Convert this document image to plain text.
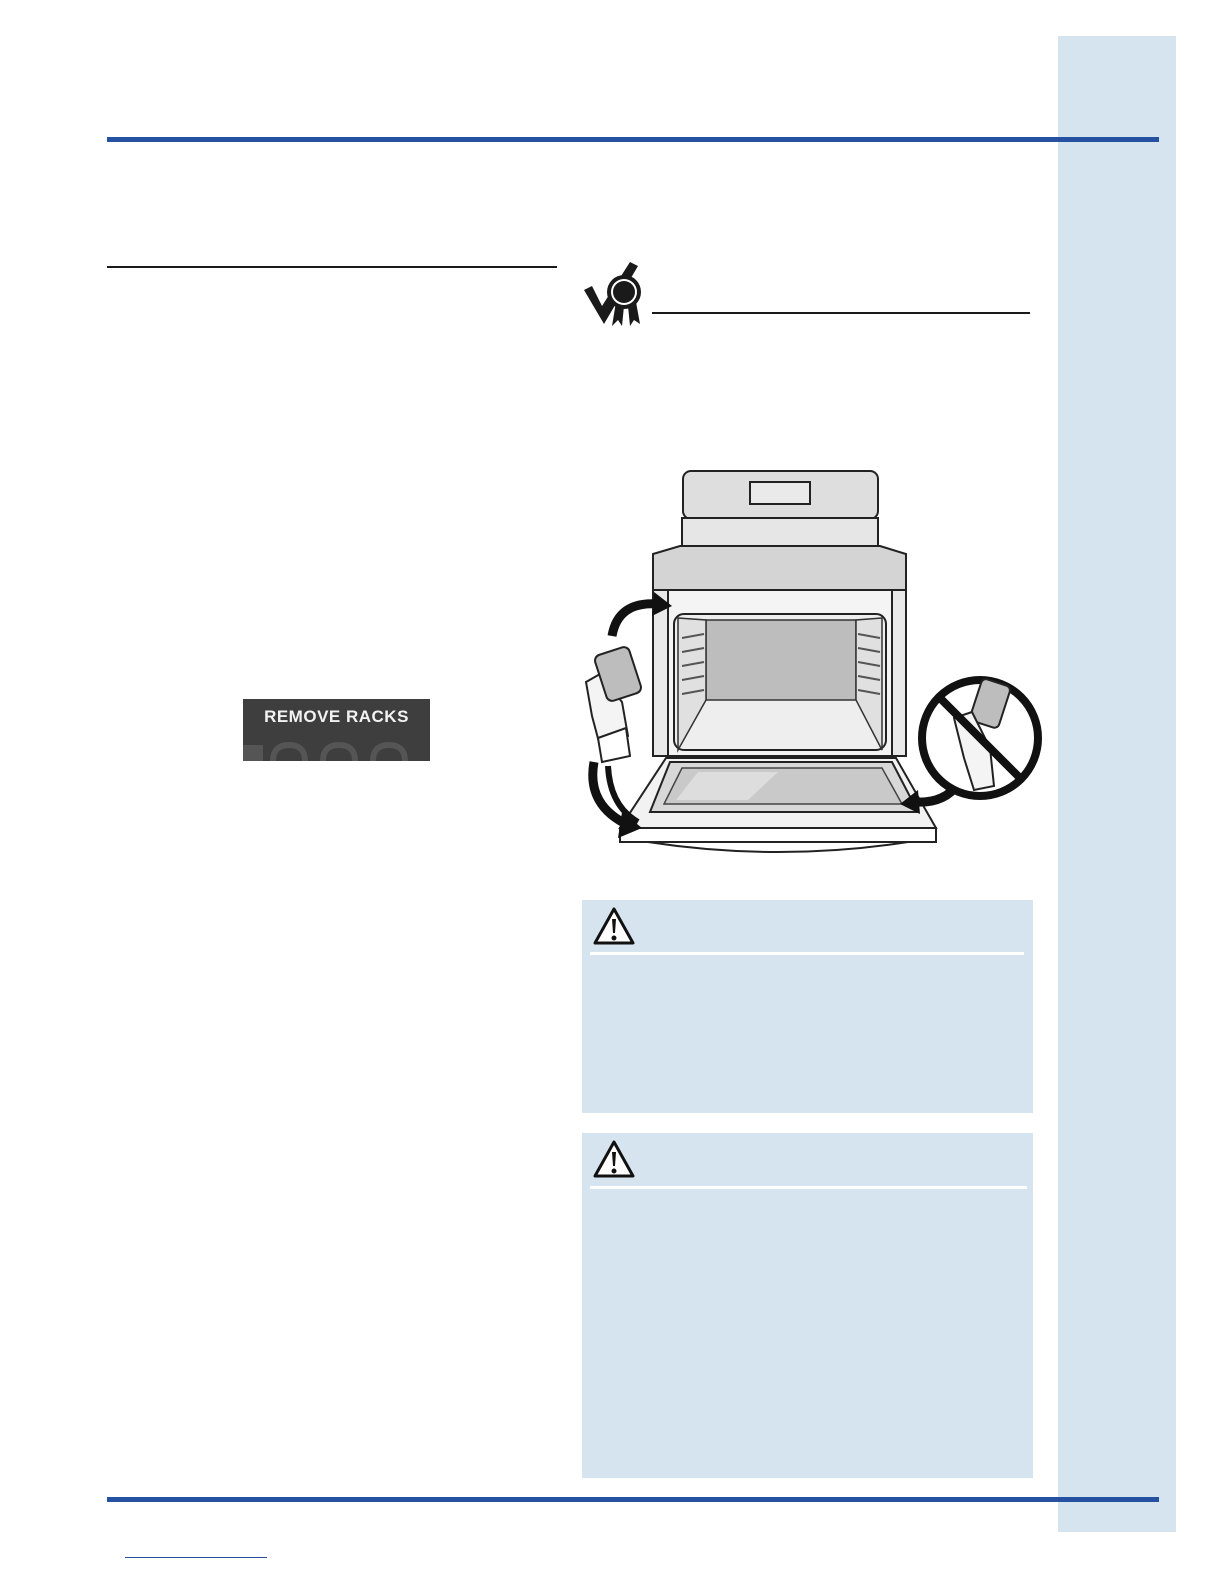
REMOVE RACKS
